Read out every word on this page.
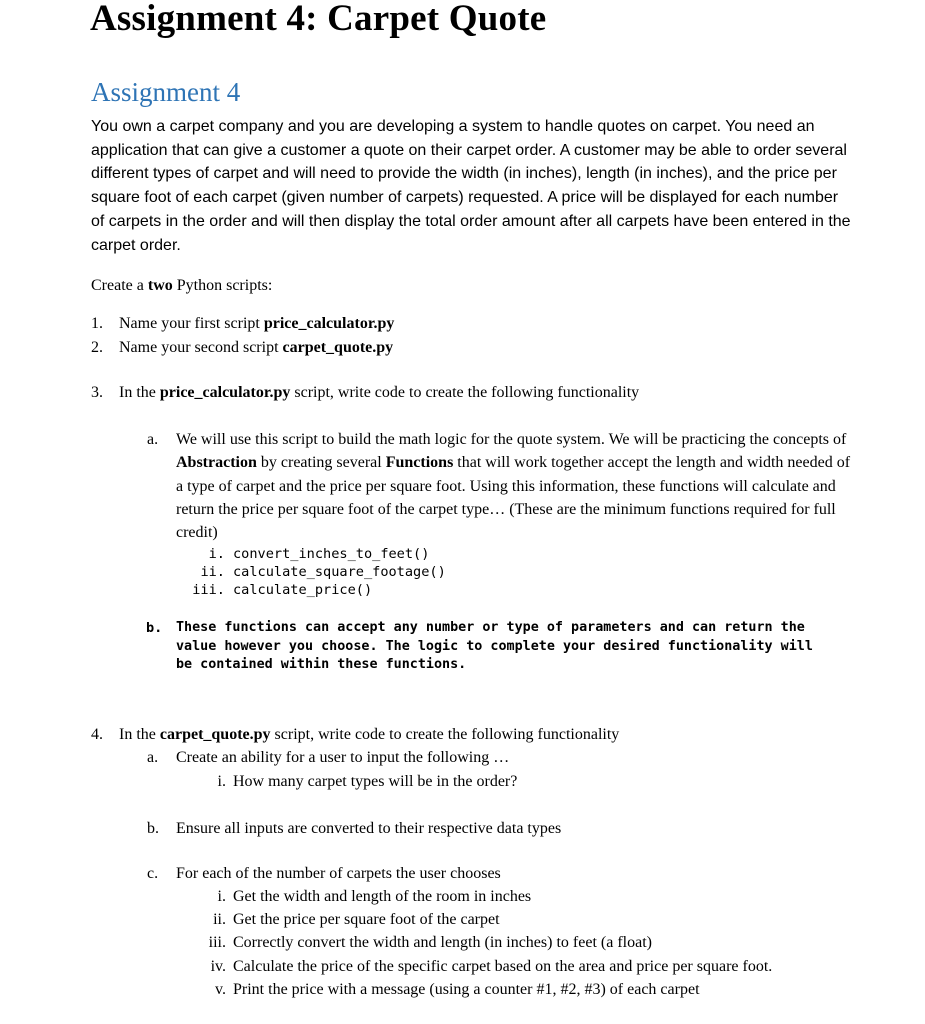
Assignment 4: Carpet Quote
Assignment 4

You own a carpet company and you are developing a system to handle quotes on carpet. You need an application that can give a customer a quote on their carpet order. A customer may be able to order several different types of carpet and will need to provide the width (in inches), length (in inches), and the price per square foot of each carpet (given number of carpets) requested. A price will be displayed for each number of carpets in the order and will then display the total order amount after all carpets have been entered in the carpet order.

Create a two Python scripts:
1. Name your first script price_calculator.py
2. Name your second script carpet_quote.py
3. In the price_calculator.py script, write code to create the following functionality
a. We will use this script to build the math logic for the quote system. We will be practicing the concepts of Abstraction by creating several Functions that will work together accept the length and width needed of a type of carpet and the price per square foot. Using this information, these functions will calculate and return the price per square foot of the carpet type… (These are the minimum functions required for full credit)

i. convert_inches_to_feet()
ii. calculate_square_footage()
iii. calculate_price()
b. These functions can accept any number or type of parameters and can return the value however you choose. The logic to complete your desired functionality will be contained within these functions.

4. In the carpet_quote.py script, write code to create the following functionality
a. Create an ability for a user to input the following …
i. How many carpet types will be in the order?
b. Ensure all inputs are converted to their respective data types
c. For each of the number of carpets the user chooses
i. Get the width and length of the room in inches
ii. Get the price per square foot of the carpet
iii. Correctly convert the width and length (in inches) to feet (a float)
iv. Calculate the price of the specific carpet based on the area and price per square foot.
v. Print the price with a message (using a counter #1, #2, #3) of each carpet
